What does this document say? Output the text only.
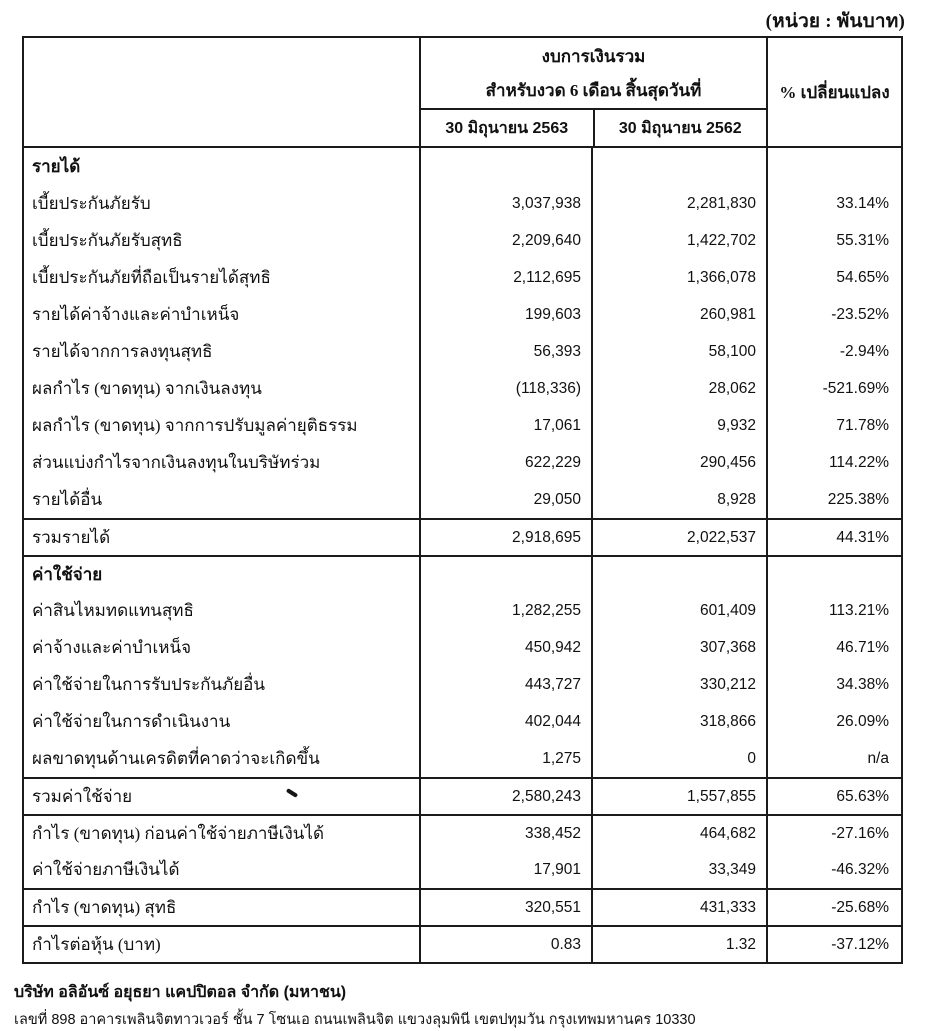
(หน่วย : พันบาท)
งบการเงินรวม
สำหรับงวด 6 เดือน สิ้นสุดวันที่
30 มิถุนายน 2563	30 มิถุนายน 2562
% เปลี่ยนแปลง
รายได้
เบี้ยประกันภัยรับ	3,037,938	2,281,830	33.14%
เบี้ยประกันภัยรับสุทธิ	2,209,640	1,422,702	55.31%
เบี้ยประกันภัยที่ถือเป็นรายได้สุทธิ	2,112,695	1,366,078	54.65%
รายได้ค่าจ้างและค่าบำเหน็จ	199,603	260,981	-23.52%
รายได้จากการลงทุนสุทธิ	56,393	58,100	-2.94%
ผลกำไร (ขาดทุน) จากเงินลงทุน	(118,336)	28,062	-521.69%
ผลกำไร (ขาดทุน) จากการปรับมูลค่ายุติธรรม	17,061	9,932	71.78%
ส่วนแบ่งกำไรจากเงินลงทุนในบริษัทร่วม	622,229	290,456	114.22%
รายได้อื่น	29,050	8,928	225.38%
รวมรายได้	2,918,695	2,022,537	44.31%
ค่าใช้จ่าย
ค่าสินไหมทดแทนสุทธิ	1,282,255	601,409	113.21%
ค่าจ้างและค่าบำเหน็จ	450,942	307,368	46.71%
ค่าใช้จ่ายในการรับประกันภัยอื่น	443,727	330,212	34.38%
ค่าใช้จ่ายในการดำเนินงาน	402,044	318,866	26.09%
ผลขาดทุนด้านเครดิตที่คาดว่าจะเกิดขึ้น	1,275	0	n/a
รวมค่าใช้จ่าย	2,580,243	1,557,855	65.63%
กำไร (ขาดทุน) ก่อนค่าใช้จ่ายภาษีเงินได้	338,452	464,682	-27.16%
ค่าใช้จ่ายภาษีเงินได้	17,901	33,349	-46.32%
กำไร (ขาดทุน) สุทธิ	320,551	431,333	-25.68%
กำไรต่อหุ้น (บาท)	0.83	1.32	-37.12%
บริษัท อลิอันซ์ อยุธยา แคปปิตอล จำกัด (มหาชน)
เลขที่ 898 อาคารเพลินจิตทาวเวอร์ ชั้น 7 โซนเอ ถนนเพลินจิต แขวงลุมพินี เขตปทุมวัน กรุงเทพมหานคร 10330
